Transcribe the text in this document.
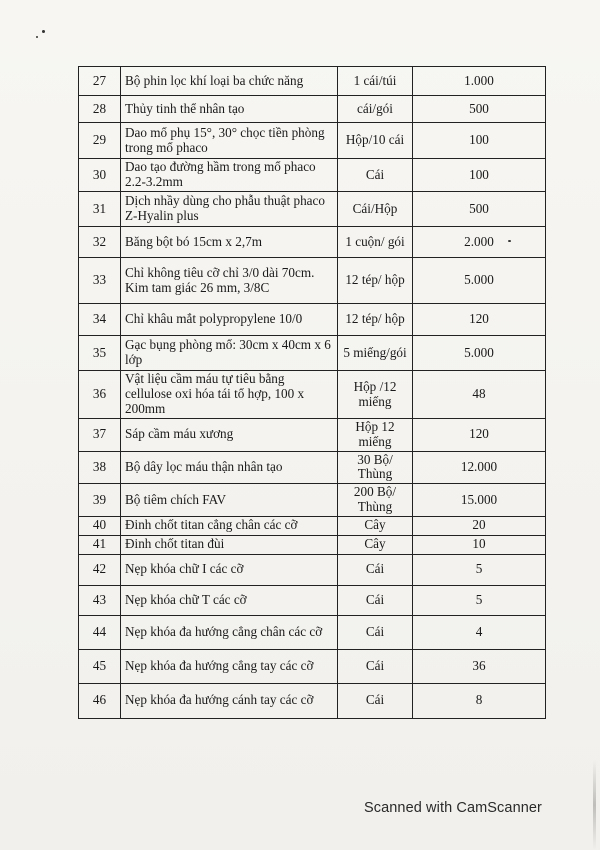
27	Bộ phin lọc khí loại ba chức năng	1 cái/túi	1.000
28	Thủy tinh thể nhân tạo	cái/gói	500
29	Dao mổ phụ 15°, 30° chọc tiền phòng trong mổ phaco	Hộp/10 cái	100
30	Dao tạo đường hầm trong mổ phaco 2.2-3.2mm	Cái	100
31	Dịch nhầy dùng cho phẫu thuật phaco Z-Hyalin plus	Cái/Hộp	500
32	Băng bột bó 15cm x 2,7m	1 cuộn/ gói	2.000
33	Chỉ không tiêu cỡ chỉ 3/0 dài 70cm. Kim tam giác 26 mm, 3/8C	12 tép/ hộp	5.000
34	Chỉ khâu mắt polypropylene 10/0	12 tép/ hộp	120
35	Gạc bụng phòng mổ: 30cm x 40cm x 6 lớp	5 miếng/gói	5.000
36	Vật liệu cầm máu tự tiêu bằng cellulose oxi hóa tái tổ hợp, 100 x 200mm	Hộp /12 miếng	48
37	Sáp cầm máu xương	Hộp 12 miếng	120
38	Bộ dây lọc máu thận nhân tạo	30 Bộ/ Thùng	12.000
39	Bộ tiêm chích FAV	200 Bộ/ Thùng	15.000
40	Đinh chốt titan cẳng chân các cỡ	Cây	20
41	Đinh chốt titan đùi	Cây	10
42	Nẹp khóa chữ I các cỡ	Cái	5
43	Nẹp khóa chữ T các cỡ	Cái	5
44	Nẹp khóa đa hướng cẳng chân các cỡ	Cái	4
45	Nẹp khóa đa hướng cẳng tay các cỡ	Cái	36
46	Nẹp khóa đa hướng cánh tay các cỡ	Cái	8
Scanned with CamScanner
